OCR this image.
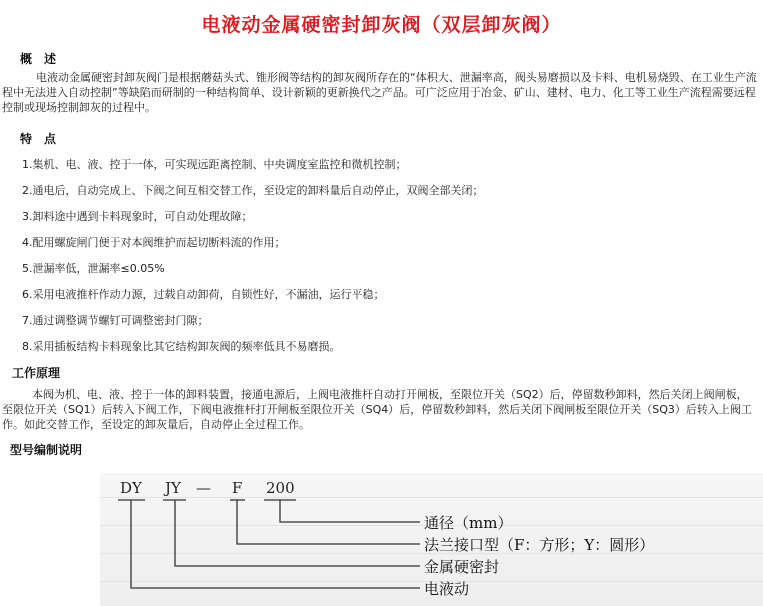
电液动金属硬密封卸灰阀（双层卸灰阀）
概　述
电液动金属硬密封卸灰阀门是根据蘑菇头式、锥形阀等结构的卸灰阀所存在的“体积大、泄漏率高，阀头易磨损以及卡料、电机易烧毁、在工业生产流程中无法进入自动控制”等缺陷而研制的一种结构简单、设计新颖的更新换代之产品。可广泛应用于冶金、矿山、建材、电力、化工等工业生产流程需要远程控制或现场控制卸灰的过程中。
特　点
1.集机、电、液、控于一体，可实现远距离控制、中央调度室监控和微机控制；
2.通电后，自动完成上、下阀之间互相交替工作，至设定的卸料量后自动停止，双阀全部关闭；
3.卸料途中遇到卡料现象时，可自动处理故障；
4.配用螺旋闸门便于对本阀维护而起切断料流的作用；
5.泄漏率低，泄漏率≤0.05%
6.采用电液推杆作动力源，过载自动卸荷，自锁性好，不漏油，运行平稳；
7.通过调整调节螺钉可调整密封门隙；
8.采用插板结构卡料现象比其它结构卸灰阀的频率低具不易磨损。
工作原理
本阀为机、电、液、控于一体的卸料装置，接通电源后，上阀电液推杆自动打开闸板，至限位开关（SQ2）后，停留数秒卸料，然后关闭上阀闸板，至限位开关（SQ1）后转入下阀工作，下阀电液推杆打开闸板至限位开关（SQ4）后，停留数秒卸料，然后关闭下阀闸板至限位开关（SQ3）后转入上阀工作。如此交替工作，至设定的卸灰量后，自动停止全过程工作。
型号编制说明
DY JY — F 200
通径（mm）
法兰接口型（F：方形；Y：圆形）
金属硬密封
电液动
